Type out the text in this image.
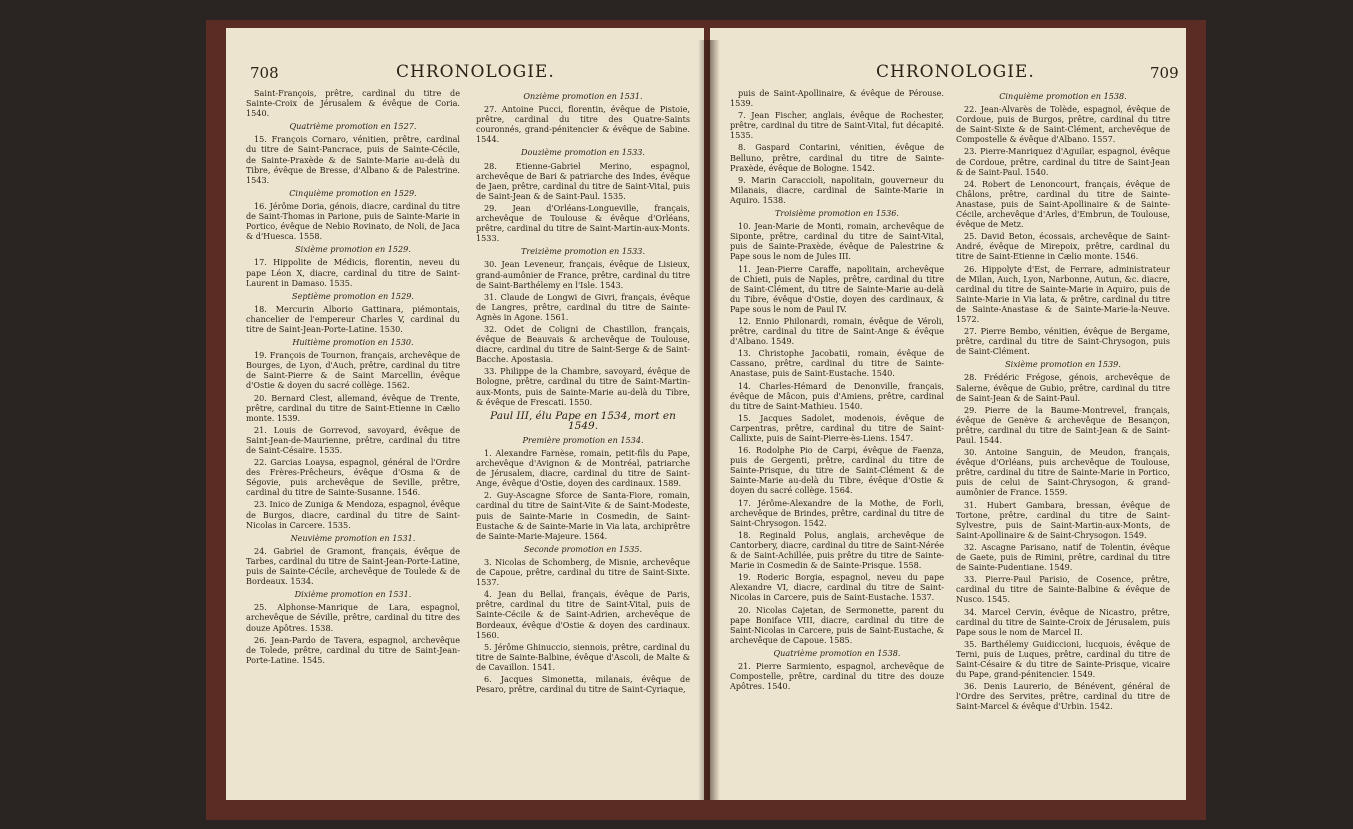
708	CHRONOLOGIE.

Saint-François, prêtre, cardinal du titre de Sainte-Croix de Jérusalem & évêque de Coria. 1540.

Quatrième promotion en 1527.

15. François Cornaro, vénitien, prêtre, cardinal du titre de Saint-Pancrace, puis de Sainte-Cécile, de Sainte-Praxède & de Sainte-Marie au-delà du Tibre, évêque de Bresse, d'Albano & de Palestrine. 1543.

Cinquième promotion en 1529.

16. Jérôme Doria, génois, diacre, cardinal du titre de Saint-Thomas in Parione, puis de Sainte-Marie in Portico, évêque de Nebio Rovinato, de Noli, de Jaca & d'Huesca. 1558.

Sixième promotion en 1529.

17. Hippolite de Médicis, florentin, neveu du pape Léon X, diacre, cardinal du titre de Saint-Laurent in Damaso. 1535.

Septième promotion en 1529.

18. Mercurin Alborio Gattinara, piémontais, chancelier de l'empereur Charles V, cardinal du titre de Saint-Jean-Porte-Latine. 1530.

Huitième promotion en 1530.

19. François de Tournon, français, archevêque de Bourges, de Lyon, d'Auch, prêtre, cardinal du titre de Saint-Pierre & de Saint Marcellin, évêque d'Ostie & doyen du sacré collège. 1562.

20. Bernard Clest, allemand, évêque de Trente, prêtre, cardinal du titre de Saint-Etienne in Cælio monte. 1539.

21. Louis de Gorrevod, savoyard, évêque de Saint-Jean-de-Maurienne, prêtre, cardinal du titre de Saint-Césaire. 1535.

22. Garcias Loaysa, espagnol, général de l'Ordre des Frères-Prêcheurs, évêque d'Osma & de Ségovie, puis archevêque de Seville, prêtre, cardinal du titre de Sainte-Susanne. 1546.

23. Inico de Zuniga & Mendoza, espagnol, évêque de Burgos, diacre, cardinal du titre de Saint-Nicolas in Carcere. 1535.

Neuvième promotion en 1531.

24. Gabriel de Gramont, français, évêque de Tarbes, cardinal du titre de Saint-Jean-Porte-Latine, puis de Sainte-Cécile, archevêque de Toulede & de Bordeaux. 1534.

Dixième promotion en 1531.

25. Alphonse-Manrique de Lara, espagnol, archevêque de Séville, prêtre, cardinal du titre des douze Apôtres. 1538.

26. Jean-Pardo de Tavera, espagnol, archevêque de Tolede, prêtre, cardinal du titre de Saint-Jean-Porte-Latine. 1545.

Onzième promotion en 1531.

27. Antoine Pucci, florentin, évêque de Pistoie, prêtre, cardinal du titre des Quatre-Saints couronnés, grand-pénitencier & évêque de Sabine. 1544.

Douzième promotion en 1533.

28. Etienne-Gabriel Merino, espagnol, archevêque de Bari & patriarche des Indes, évêque de Jaen, prêtre, cardinal du titre de Saint-Vital, puis de Saint-Jean & de Saint-Paul. 1535.

29. Jean d'Orléans-Longueville, français, archevêque de Toulouse & évêque d'Orléans, prêtre, cardinal du titre de Saint-Martin-aux-Monts. 1533.

Treizième promotion en 1533.

30. Jean Leveneur, français, évêque de Lisieux, grand-aumônier de France, prêtre, cardinal du titre de Saint-Barthélemy en l'Isle. 1543.

31. Claude de Longwi de Givri, français, évêque de Langres, prêtre, cardinal du titre de Sainte-Agnès in Agone. 1561.

32. Odet de Coligni de Chastillon, français, évêque de Beauvais & archevêque de Toulouse, diacre, cardinal du titre de Saint-Serge & de Saint-Bacche. Apostasia.

33. Philippe de la Chambre, savoyard, évêque de Bologne, prêtre, cardinal du titre de Saint-Martin-aux-Monts, puis de Sainte-Marie au-delà du Tibre, & évêque de Frescati. 1550.

Paul III, élu Pape en 1534, mort en 1549.

Première promotion en 1534.

1. Alexandre Farnèse, romain, petit-fils du Pape, archevêque d'Avignon & de Montréal, patriarche de Jérusalem, diacre, cardinal du titre de Saint-Ange, évêque d'Ostie, doyen des cardinaux. 1589.

2. Guy-Ascagne Sforce de Santa-Fiore, romain, cardinal du titre de Saint-Vite & de Saint-Modeste, puis de Sainte-Marie in Cosmedin, de Saint-Eustache & de Sainte-Marie in Via lata, archiprêtre de Sainte-Marie-Majeure. 1564.

Seconde promotion en 1535.

3. Nicolas de Schomberg, de Misnie, archevêque de Capoue, prêtre, cardinal du titre de Saint-Sixte. 1537.

4. Jean du Bellai, français, évêque de Paris, prêtre, cardinal du titre de Saint-Vital, puis de Sainte-Cécile & de Saint-Adrien, archevêque de Bordeaux, évêque d'Ostie & doyen des cardinaux. 1560.

5. Jérôme Ghinuccio, siennois, prêtre, cardinal du titre de Sainte-Balbine, évêque d'Ascoli, de Malte & de Cavaillon. 1541.

6. Jacques Simonetta, milanais, évêque de Pesaro, prêtre, cardinal du titre de Saint-Cyriaque,

CHRONOLOGIE.	709

puis de Saint-Apollinaire, & évêque de Pérouse. 1539.

7. Jean Fischer, anglais, évêque de Rochester, prêtre, cardinal du titre de Saint-Vital, fut décapité. 1535.

8. Gaspard Contarini, vénitien, évêque de Belluno, prêtre, cardinal du titre de Sainte-Praxède, évêque de Bologne. 1542.

9. Marin Caraccioli, napolitain, gouverneur du Milanais, diacre, cardinal de Sainte-Marie in Aquiro. 1538.

Troisième promotion en 1536.

10. Jean-Marie de Monti, romain, archevêque de Siponte, prêtre, cardinal du titre de Saint-Vital, puis de Sainte-Praxède, évêque de Palestrine & Pape sous le nom de Jules III.

11. Jean-Pierre Caraffe, napolitain, archevêque de Chieti, puis de Naples, prêtre, cardinal du titre de Saint-Clément, du titre de Sainte-Marie au-delà du Tibre, évêque d'Ostie, doyen des cardinaux, & Pape sous le nom de Paul IV.

12. Ennio Philonardi, romain, évêque de Véroli, prêtre, cardinal du titre de Saint-Ange & évêque d'Albano. 1549.

13. Christophe Jacobatii, romain, évêque de Cassano, prêtre, cardinal du titre de Sainte-Anastase, puis de Saint-Eustache. 1540.

14. Charles-Hémard de Denonville, français, évêque de Mâcon, puis d'Amiens, prêtre, cardinal du titre de Saint-Mathieu. 1540.

15. Jacques Sadolet, modenois, évêque de Carpentras, prêtre, cardinal du titre de Saint-Callixte, puis de Saint-Pierre-ès-Liens. 1547.

16. Rodolphe Pio de Carpi, évêque de Faenza, puis de Gergenti, prêtre, cardinal du titre de Sainte-Prisque, du titre de Saint-Clément & de Sainte-Marie au-delà du Tibre, évêque d'Ostie & doyen du sacré collège. 1564.

17. Jérôme-Alexandre de la Mothe, de Forli, archevêque de Brindes, prêtre, cardinal du titre de Saint-Chrysogon. 1542.

18. Reginald Polus, anglais, archevêque de Cantorbery, diacre, cardinal du titre de Saint-Nérée & de Saint-Achillée, puis prêtre du titre de Sainte-Marie in Cosmedin & de Sainte-Prisque. 1558.

19. Roderic Borgia, espagnol, neveu du pape Alexandre VI, diacre, cardinal du titre de Saint-Nicolas in Carcere, puis de Saint-Eustache. 1537.

20. Nicolas Cajetan, de Sermonette, parent du pape Boniface VIII, diacre, cardinal du titre de Saint-Nicolas in Carcere, puis de Saint-Eustache, & archevêque de Capoue. 1585.

Quatrième promotion en 1538.

21. Pierre Sarmiento, espagnol, archevêque de Compostelle, prêtre, cardinal du titre des douze Apôtres. 1540.

Cinquième promotion en 1538.

22. Jean-Alvarès de Tolède, espagnol, évêque de Cordoue, puis de Burgos, prêtre, cardinal du titre de Saint-Sixte & de Saint-Clément, archevêque de Compostelle & évêque d'Albano. 1557.

23. Pierre-Manriquez d'Aguilar, espagnol, évêque de Cordoue, prêtre, cardinal du titre de Saint-Jean & de Saint-Paul. 1540.

24. Robert de Lenoncourt, français, évêque de Châlons, prêtre, cardinal du titre de Sainte-Anastase, puis de Saint-Apollinaire & de Sainte-Cécile, archevêque d'Arles, d'Embrun, de Toulouse, évêque de Metz.

25. David Beton, écossais, archevêque de Saint-André, évêque de Mirepoix, prêtre, cardinal du titre de Saint-Etienne in Cælio monte. 1546.

26. Hippolyte d'Est, de Ferrare, administrateur de Milan, Auch, Lyon, Narbonne, Autun, &c. diacre, cardinal du titre de Sainte-Marie in Aquiro, puis de Sainte-Marie in Via lata, & prêtre, cardinal du titre de Sainte-Anastase & de Sainte-Marie-la-Neuve. 1572.

27. Pierre Bembo, vénitien, évêque de Bergame, prêtre, cardinal du titre de Saint-Chrysogon, puis de Saint-Clément.

Sixième promotion en 1539.

28. Frédéric Frégose, génois, archevêque de Salerne, évêque de Gubio, prêtre, cardinal du titre de Saint-Jean & de Saint-Paul.

29. Pierre de la Baume-Montrevel, français, évêque de Genève & archevêque de Besançon, prêtre, cardinal du titre de Saint-Jean & de Saint-Paul. 1544.

30. Antoine Sanguin, de Meudon, français, évêque d'Orléans, puis archevêque de Toulouse, prêtre, cardinal du titre de Sainte-Marie in Portico, puis de celui de Saint-Chrysogon, & grand-aumônier de France. 1559.

31. Hubert Gambara, bressan, évêque de Tortone, prêtre, cardinal du titre de Saint-Sylvestre, puis de Saint-Martin-aux-Monts, de Saint-Apollinaire & de Saint-Chrysogon. 1549.

32. Ascagne Parisano, natif de Tolentin, évêque de Gaete, puis de Rimini, prêtre, cardinal du titre de Sainte-Pudentiane. 1549.

33. Pierre-Paul Parisio, de Cosence, prêtre, cardinal du titre de Sainte-Balbine & évêque de Nusco. 1545.

34. Marcel Cervin, évêque de Nicastro, prêtre, cardinal du titre de Sainte-Croix de Jérusalem, puis Pape sous le nom de Marcel II.

35. Barthélemy Guidiccioni, lucquois, évêque de Terni, puis de Luques, prêtre, cardinal du titre de Saint-Césaire & du titre de Sainte-Prisque, vicaire du Pape, grand-pénitencier. 1549.

36. Denis Laurerio, de Bénévent, général de l'Ordre des Servites, prêtre, cardinal du titre de Saint-Marcel & évêque d'Urbin. 1542.
